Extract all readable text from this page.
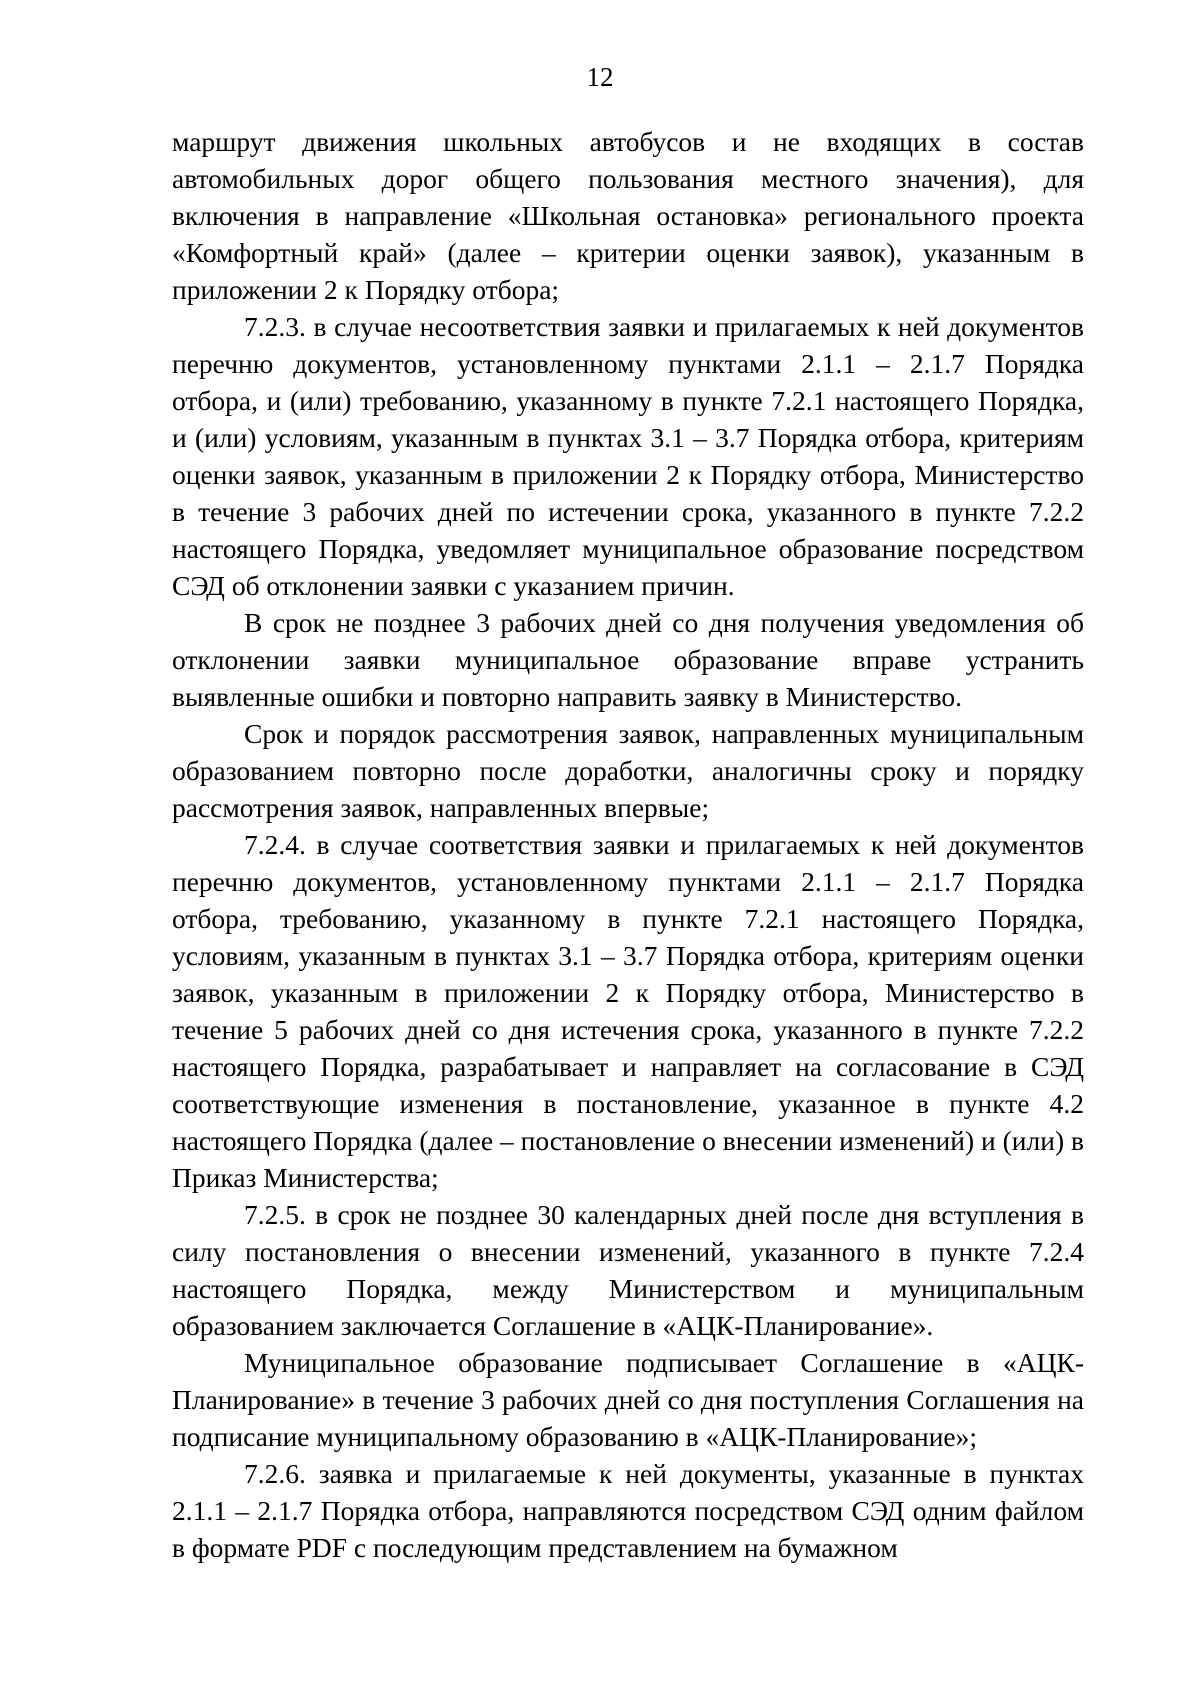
12

маршрут движения школьных автобусов и не входящих в состав автомобильных дорог общего пользования местного значения), для включения в направление «Школьная остановка» регионального проекта «Комфортный край» (далее – критерии оценки заявок), указанным в приложении 2 к Порядку отбора;

7.2.3. в случае несоответствия заявки и прилагаемых к ней документов перечню документов, установленному пунктами 2.1.1 – 2.1.7 Порядка отбора, и (или) требованию, указанному в пункте 7.2.1 настоящего Порядка, и (или) условиям, указанным в пунктах 3.1 – 3.7 Порядка отбора, критериям оценки заявок, указанным в приложении 2 к Порядку отбора, Министерство в течение 3 рабочих дней по истечении срока, указанного в пункте 7.2.2 настоящего Порядка, уведомляет муниципальное образование посредством СЭД об отклонении заявки с указанием причин.

В срок не позднее 3 рабочих дней со дня получения уведомления об отклонении заявки муниципальное образование вправе устранить выявленные ошибки и повторно направить заявку в Министерство.

Срок и порядок рассмотрения заявок, направленных муниципальным образованием повторно после доработки, аналогичны сроку и порядку рассмотрения заявок, направленных впервые;

7.2.4. в случае соответствия заявки и прилагаемых к ней документов перечню документов, установленному пунктами 2.1.1 – 2.1.7 Порядка отбора, требованию, указанному в пункте 7.2.1 настоящего Порядка, условиям, указанным в пунктах 3.1 – 3.7 Порядка отбора, критериям оценки заявок, указанным в приложении 2 к Порядку отбора, Министерство в течение 5 рабочих дней со дня истечения срока, указанного в пункте 7.2.2 настоящего Порядка, разрабатывает и направляет на согласование в СЭД соответствующие изменения в постановление, указанное в пункте 4.2 настоящего Порядка (далее – постановление о внесении изменений) и (или) в Приказ Министерства;

7.2.5. в срок не позднее 30 календарных дней после дня вступления в силу постановления о внесении изменений, указанного в пункте 7.2.4 настоящего Порядка, между Министерством и муниципальным образованием заключается Соглашение в «АЦК-Планирование».

Муниципальное образование подписывает Соглашение в «АЦК-Планирование» в течение 3 рабочих дней со дня поступления Соглашения на подписание муниципальному образованию в «АЦК-Планирование»;

7.2.6. заявка и прилагаемые к ней документы, указанные в пунктах 2.1.1 – 2.1.7 Порядка отбора, направляются посредством СЭД одним файлом в формате PDF с последующим представлением на бумажном
